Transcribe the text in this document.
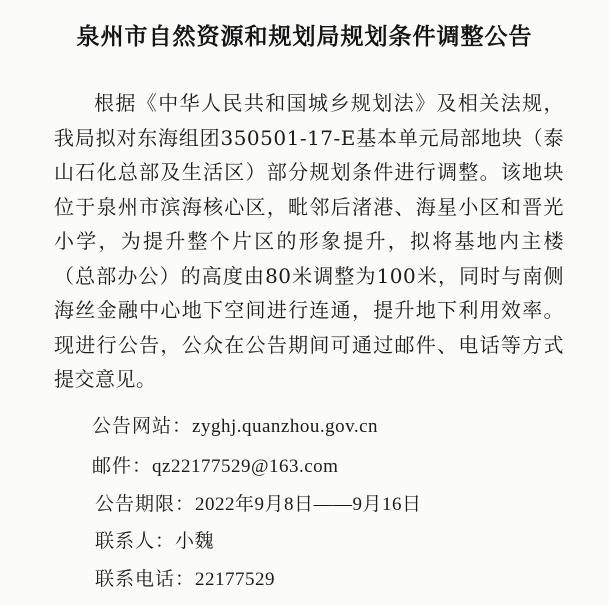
泉州市自然资源和规划局规划条件调整公告

根据《中华人民共和国城乡规划法》及相关法规，我局拟对东海组团350501-17-E基本单元局部地块（泰山石化总部及生活区）部分规划条件进行调整。该地块位于泉州市滨海核心区，毗邻后渚港、海星小区和晋光小学，为提升整个片区的形象提升，拟将基地内主楼（总部办公）的高度由80米调整为100米，同时与南侧海丝金融中心地下空间进行连通，提升地下利用效率。现进行公告，公众在公告期间可通过邮件、电话等方式提交意见。

公告网站：zyghj.quanzhou.gov.cn
邮件：qz22177529@163.com
公告期限：2022年9月8日——9月16日
联系人：小魏
联系电话：22177529
